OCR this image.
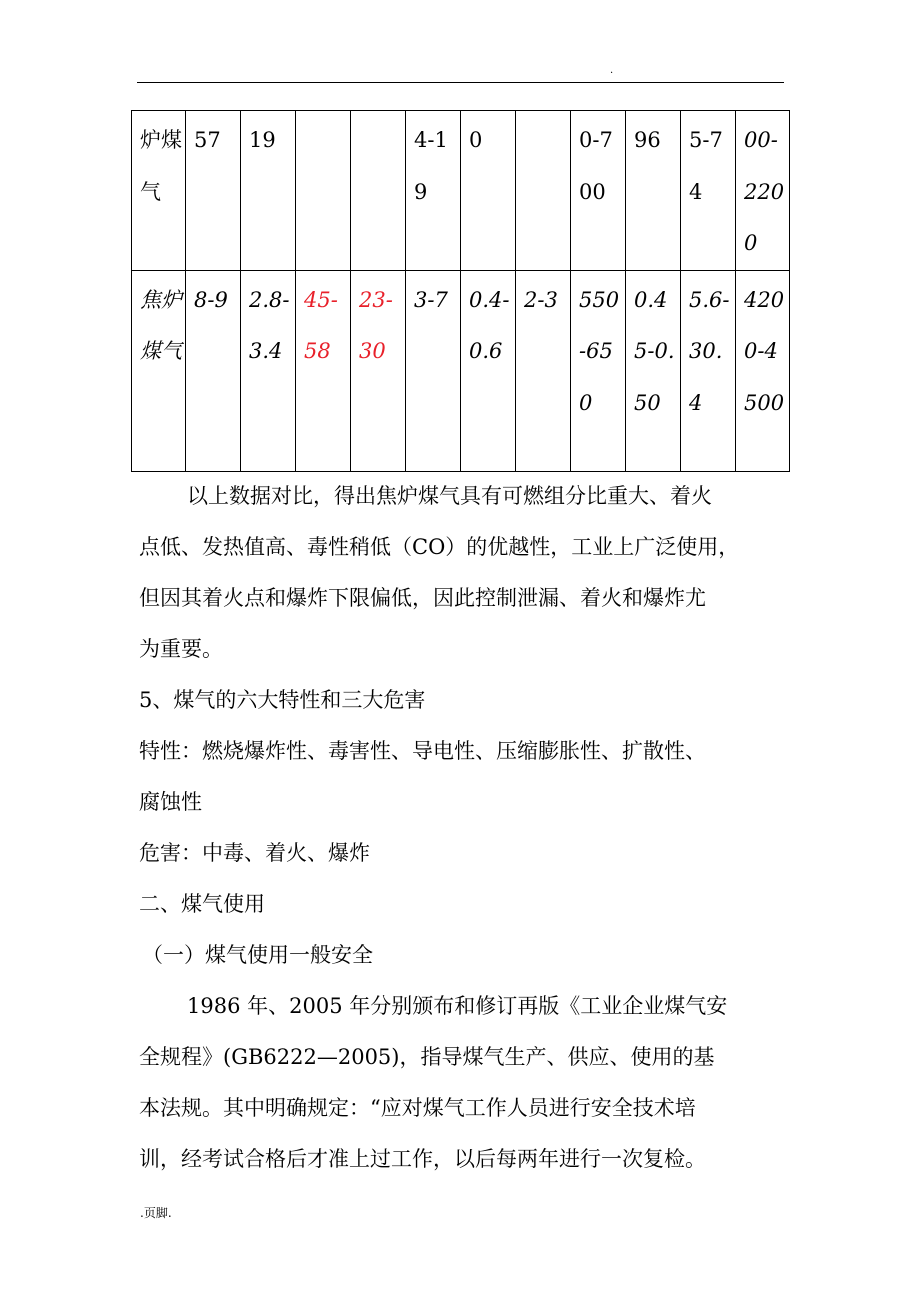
.
炉煤气	57	19			4-19	0		0-700	96	5-74	00-2200
焦炉煤气	8-9	2.8-3.4	45-58	23-30	3-7	0.4-0.6	2-3	550-650	0.45-0.50	5.6-30.4	4200-4500

以上数据对比，得出焦炉煤气具有可燃组分比重大、着火

点低、发热值高、毒性稍低（CO）的优越性，工业上广泛使用，

但因其着火点和爆炸下限偏低，因此控制泄漏、着火和爆炸尤

为重要。

5、煤气的六大特性和三大危害

特性：燃烧爆炸性、毒害性、导电性、压缩膨胀性、扩散性、

腐蚀性

危害：中毒、着火、爆炸

二、煤气使用

（一）煤气使用一般安全

1986 年、2005 年分别颁布和修订再版《工业企业煤气安

全规程》(GB6222—2005)，指导煤气生产、供应、使用的基

本法规。其中明确规定：“应对煤气工作人员进行安全技术培

训，经考试合格后才准上过工作，以后每两年进行一次复检。

.页脚.
